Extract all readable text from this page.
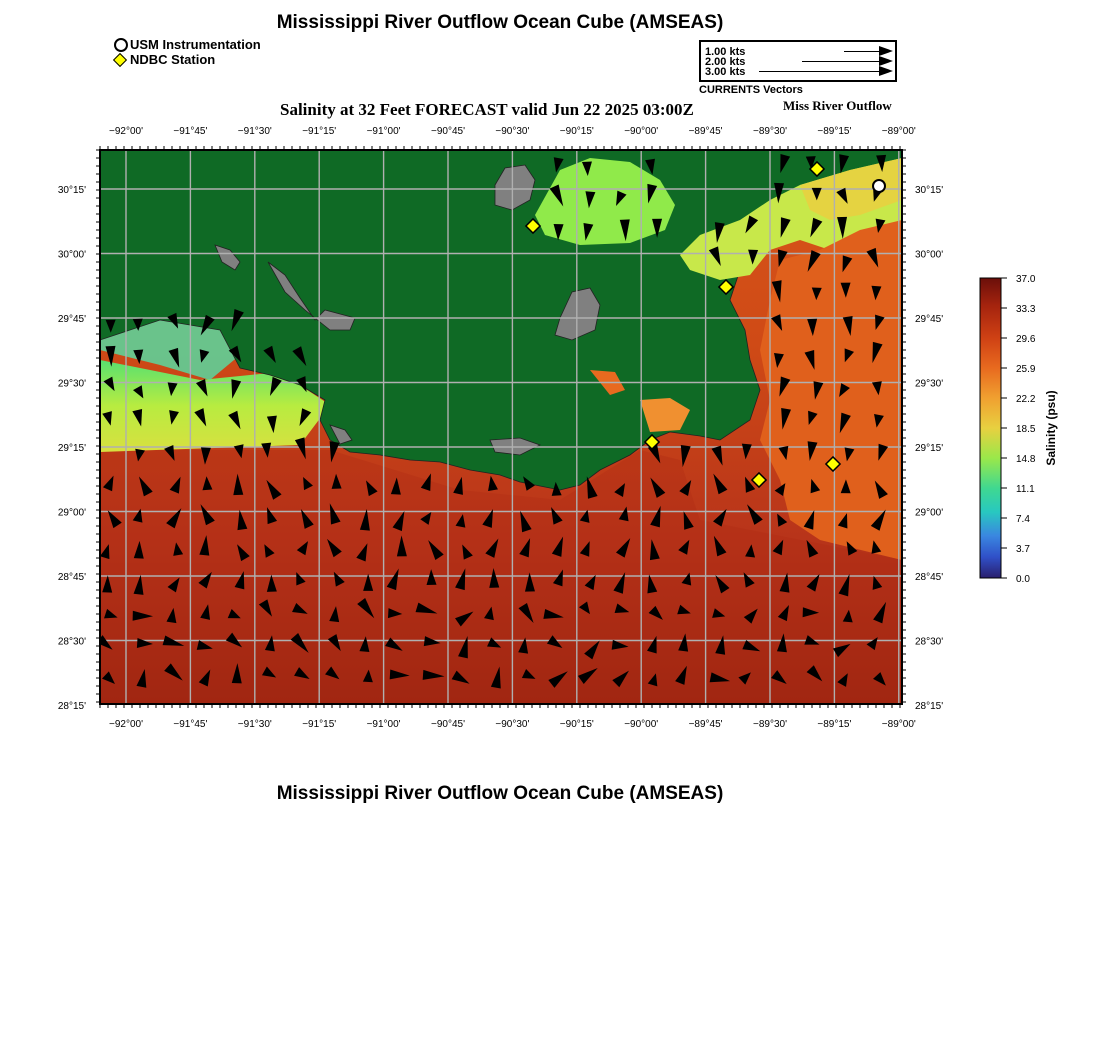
Mississippi River Outflow Ocean Cube (AMSEAS)
USM Instrumentation
NDBC Station	1.00 kts
2.00 kts
3.00 kts
CURRENTS Vectors
Salinity at 32 Feet FORECAST valid Jun 22 2025 03:00Z	Miss River Outflow
−92°00'	−91°45'	−91°30'	−91°15'	−91°00'	−90°45'	−90°30'	−90°15'	−90°00'	−89°45'	−89°30'	−89°15'	−89°00'
−92°00'	−91°45'	−91°30'	−91°15'	−91°00'	−90°45'	−90°30'	−90°15'	−90°00'	−89°45'	−89°30'	−89°15'	−89°00'
30°15'
30°00'
29°45'
29°30'
29°15'
29°00'
28°45'
28°30'
28°15'
30°15'
30°00'
29°45'
29°30'
29°15'
29°00'
28°45'
28°30'
28°15'
37.0
33.3
29.6
25.9
22.2
18.5
14.8
11.1
7.4
3.7
0.0
Salinity (psu)
Mississippi River Outflow Ocean Cube (AMSEAS)
